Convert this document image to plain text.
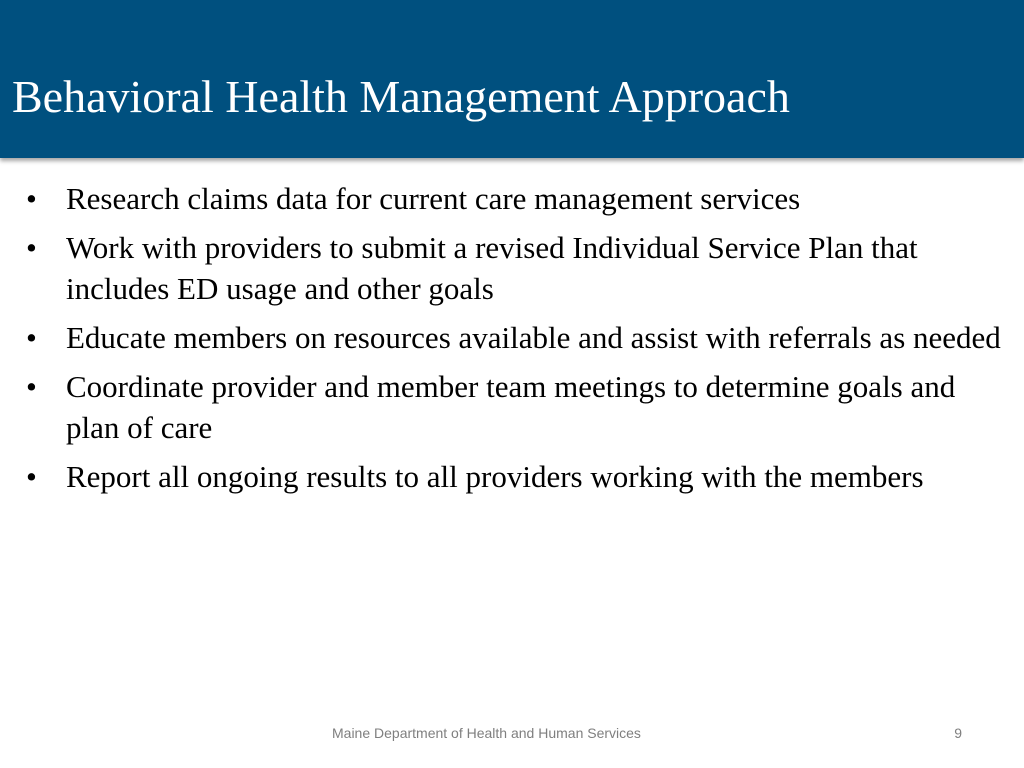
Behavioral Health Management Approach
• Research claims data for current care management services
• Work with providers to submit a revised Individual Service Plan that includes ED usage and other goals
• Educate members on resources available and assist with referrals as needed
• Coordinate provider and member team meetings to determine goals and plan of care
• Report all ongoing results to all providers working with the members
Maine Department of Health and Human Services	9
